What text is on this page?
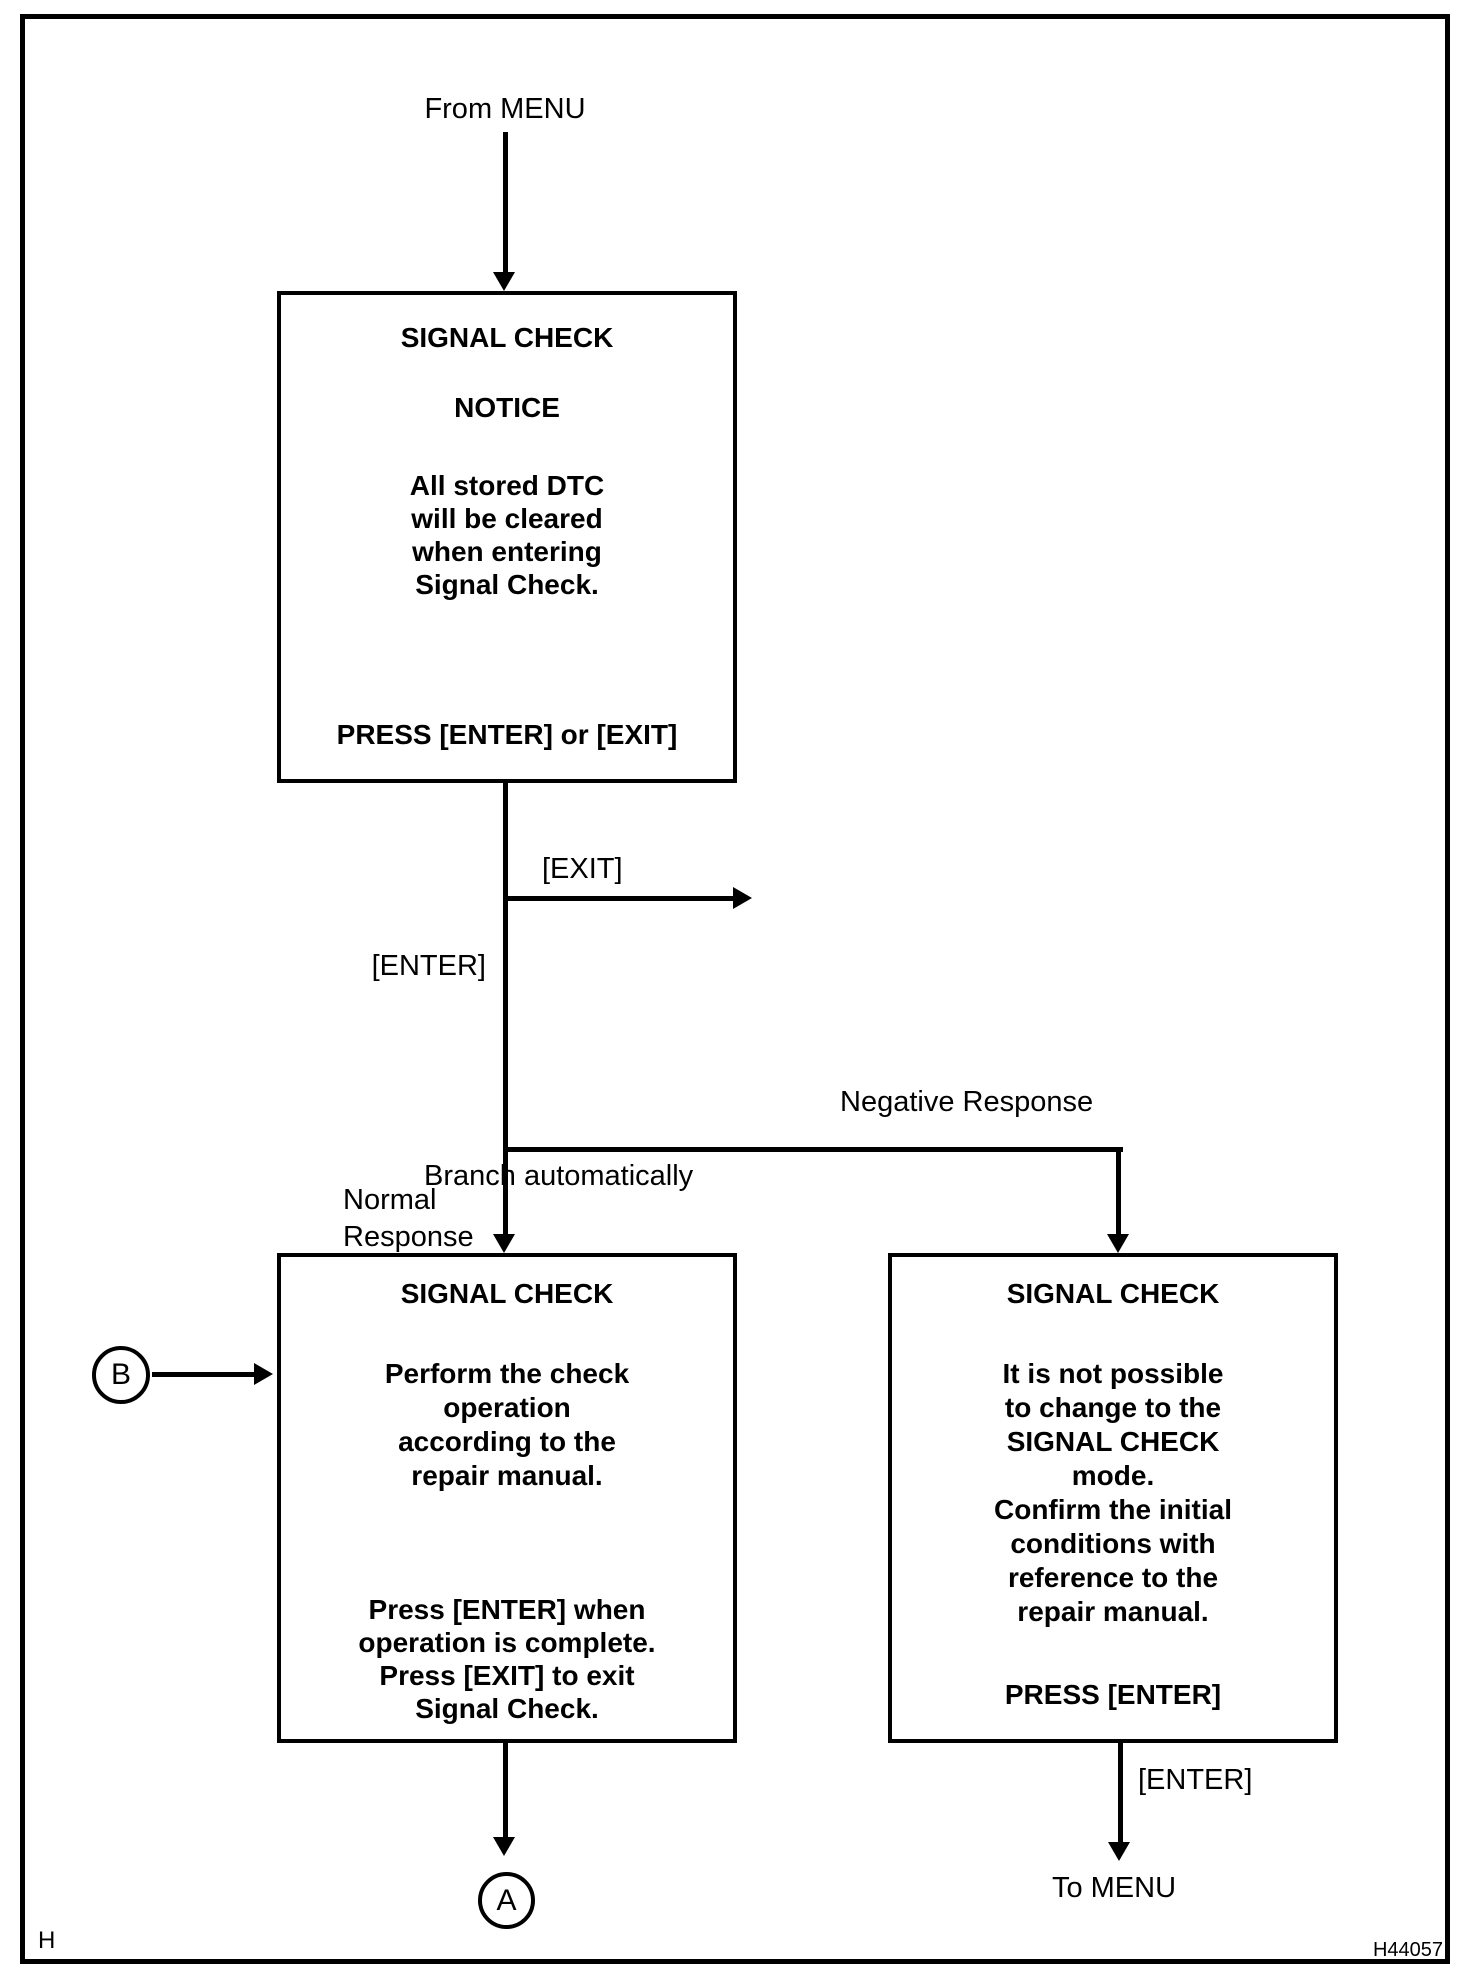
From MENU
SIGNAL CHECK
NOTICE
All stored DTC
will be cleared
when entering
Signal Check.
PRESS [ENTER] or [EXIT]
[EXIT]
[ENTER]
Negative Response
Branch automatically
Normal
Response
SIGNAL CHECK
Perform the check
operation
according to the
repair manual.
Press [ENTER] when
operation is complete.
Press [EXIT] to exit
Signal Check.
SIGNAL CHECK
It is not possible
to change to the
SIGNAL CHECK
mode.
Confirm the initial
conditions with
reference to the
repair manual.
PRESS [ENTER]
B
A
[ENTER]
To MENU
H	H44057
